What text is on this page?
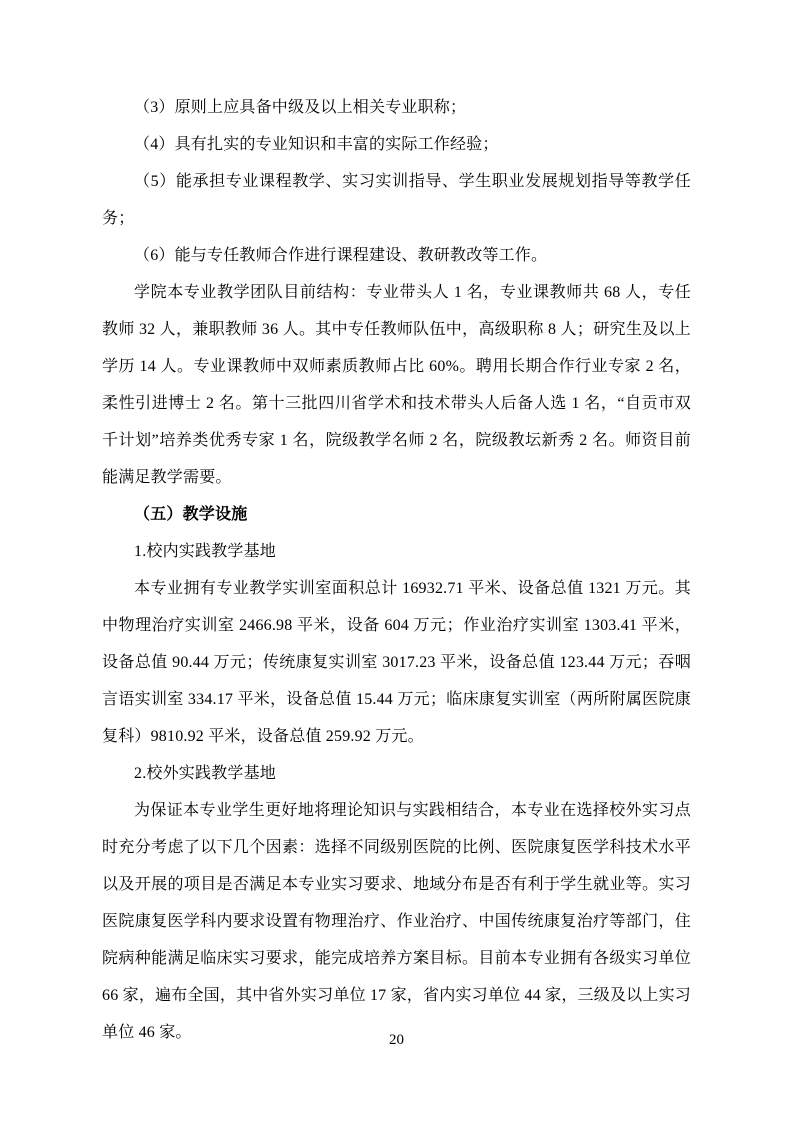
（3）原则上应具备中级及以上相关专业职称；

（4）具有扎实的专业知识和丰富的实际工作经验；

（5）能承担专业课程教学、实习实训指导、学生职业发展规划指导等教学任务；

（6）能与专任教师合作进行课程建设、教研教改等工作。

学院本专业教学团队目前结构：专业带头人 1 名，专业课教师共 68 人，专任教师 32 人，兼职教师 36 人。其中专任教师队伍中，高级职称 8 人；研究生及以上学历 14 人。专业课教师中双师素质教师占比 60%。聘用长期合作行业专家 2 名，柔性引进博士 2 名。第十三批四川省学术和技术带头人后备人选 1 名，“自贡市双千计划”培养类优秀专家 1 名，院级教学名师 2 名，院级教坛新秀 2 名。师资目前能满足教学需要。

（五）教学设施

1.校内实践教学基地

本专业拥有专业教学实训室面积总计 16932.71 平米、设备总值 1321 万元。其中物理治疗实训室 2466.98 平米，设备 604 万元；作业治疗实训室 1303.41 平米，设备总值 90.44 万元；传统康复实训室 3017.23 平米，设备总值 123.44 万元；吞咽言语实训室 334.17 平米，设备总值 15.44 万元；临床康复实训室（两所附属医院康复科）9810.92 平米，设备总值 259.92 万元。

2.校外实践教学基地

为保证本专业学生更好地将理论知识与实践相结合，本专业在选择校外实习点时充分考虑了以下几个因素：选择不同级别医院的比例、医院康复医学科技术水平以及开展的项目是否满足本专业实习要求、地域分布是否有利于学生就业等。实习医院康复医学科内要求设置有物理治疗、作业治疗、中国传统康复治疗等部门，住院病种能满足临床实习要求，能完成培养方案目标。目前本专业拥有各级实习单位 66 家，遍布全国，其中省外实习单位 17 家，省内实习单位 44 家，三级及以上实习单位 46 家。	20
